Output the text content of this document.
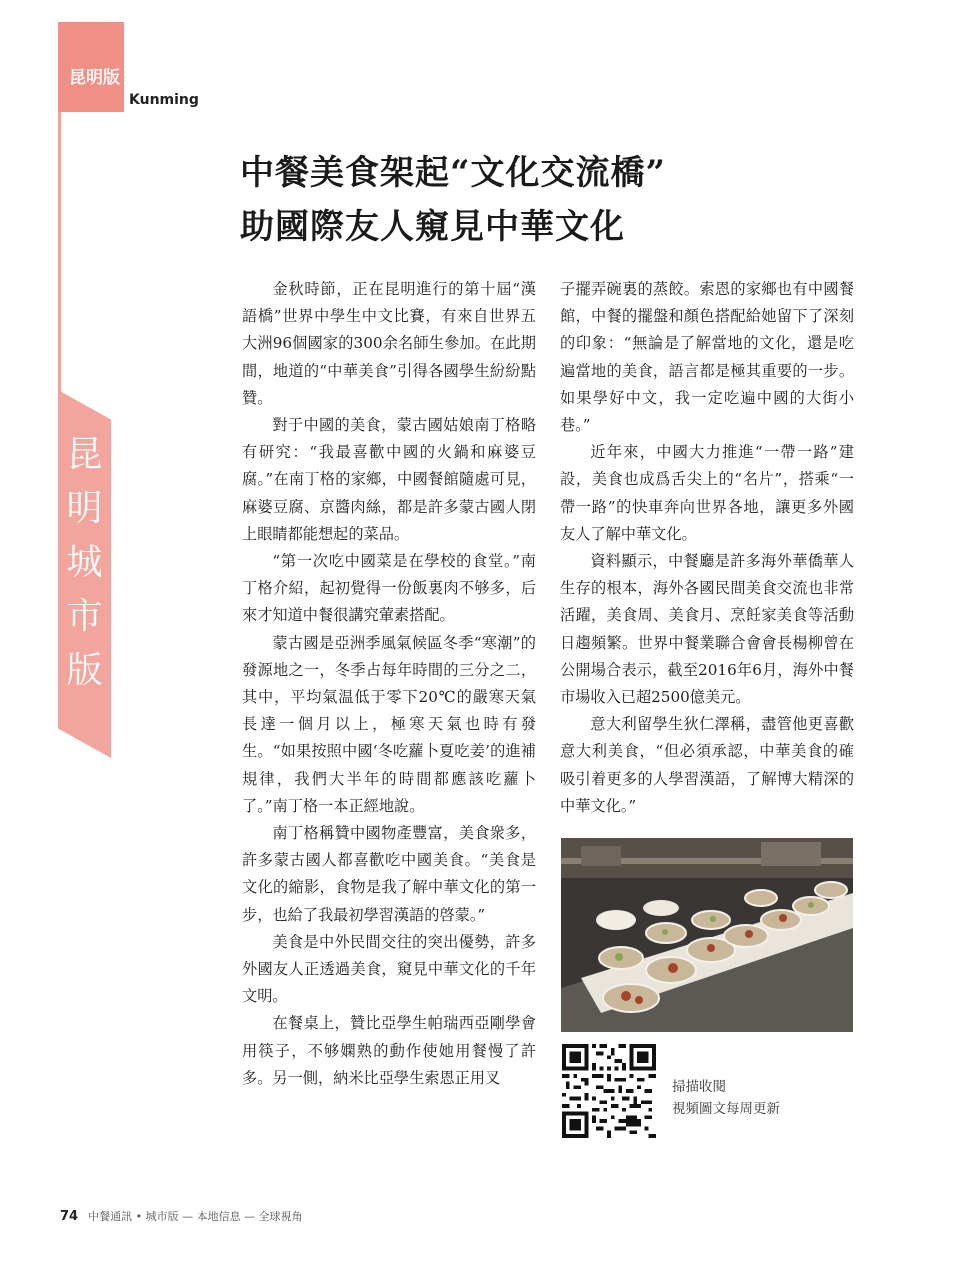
昆明版
Kunming
昆
明
城
市
版
中餐美食架起“文化交流橋”
助國際友人窺見中華文化

金秋時節，正在昆明進行的第十屆“漢語橋”世界中學生中文比賽，有來自世界五大洲96個國家的300余名師生參加。在此期間，地道的“中華美食”引得各國學生紛紛點贊。

對于中國的美食，蒙古國姑娘南丁格略有研究：“我最喜歡中國的火鍋和麻婆豆腐。”在南丁格的家鄉，中國餐館隨處可見，麻婆豆腐、京醬肉絲，都是許多蒙古國人閉上眼睛都能想起的菜品。

“第一次吃中國菜是在學校的食堂。”南丁格介紹，起初覺得一份飯裏肉不够多，后來才知道中餐很講究葷素搭配。

蒙古國是亞洲季風氣候區冬季“寒潮”的發源地之一，冬季占每年時間的三分之二，其中，平均氣温低于零下20℃的嚴寒天氣長達一個月以上，極寒天氣也時有發生。“如果按照中國‘冬吃蘿卜夏吃姜’的進補規律，我們大半年的時間都應該吃蘿卜了。”南丁格一本正經地說。

南丁格稱贊中國物產豐富，美食衆多，許多蒙古國人都喜歡吃中國美食。“美食是文化的縮影，食物是我了解中華文化的第一步，也給了我最初學習漢語的啓蒙。”

美食是中外民間交往的突出優勢，許多外國友人正透過美食，窺見中華文化的千年文明。

在餐桌上，贊比亞學生帕瑞西亞剛學會用筷子，不够嫻熟的動作使她用餐慢了許多。另一側，納米比亞學生索恩正用叉

子擺弄碗裏的蒸餃。索恩的家鄉也有中國餐館，中餐的擺盤和顏色搭配給她留下了深刻的印象：“無論是了解當地的文化，還是吃遍當地的美食，語言都是極其重要的一步。如果學好中文，我一定吃遍中國的大街小巷。”

近年來，中國大力推進“一帶一路”建設，美食也成爲舌尖上的“名片”，搭乘“一帶一路”的快車奔向世界各地，讓更多外國友人了解中華文化。

資料顯示，中餐廳是許多海外華僑華人生存的根本，海外各國民間美食交流也非常活躍，美食周、美食月、烹飪家美食等活動日趨頻繁。世界中餐業聯合會會長楊柳曾在公開場合表示，截至2016年6月，海外中餐市場收入已超2500億美元。

意大利留學生狄仁澤稱，盡管他更喜歡意大利美食，“但必須承認，中華美食的確吸引着更多的人學習漢語，了解博大精深的中華文化。”

掃描收閱
視頻圖文每周更新
74 中餐通訊 • 城市版 — 本地信息 — 全球視角
